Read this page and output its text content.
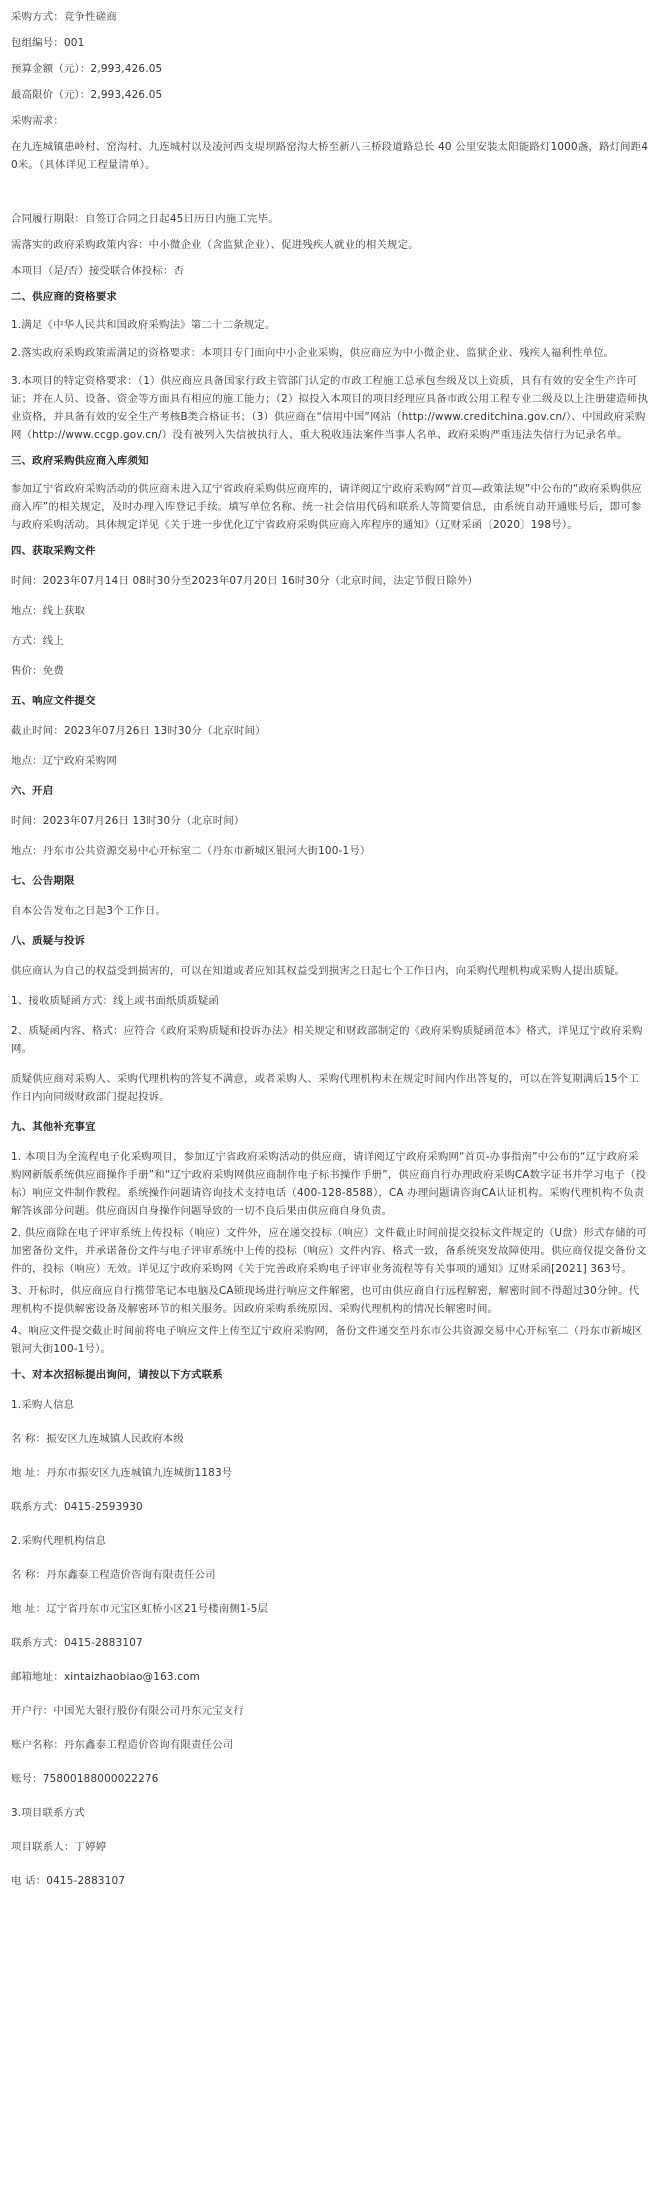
采购方式：竞争性磋商
包组编号：001
预算金额（元）：2,993,426.05
最高限价（元）：2,993,426.05
采购需求：
在九连城镇患岭村、窑沟村、九连城村以及凌河西支堤坝路窑沟大桥至新八三桥段道路总长 40 公里安装太阳能路灯1000盏，路灯间距40米。（具体详见工程量清单）。
合同履行期限：自签订合同之日起45日历日内施工完毕。
需落实的政府采购政策内容：中小微企业（含监狱企业）、促进残疾人就业的相关规定。
本项目（是/否）接受联合体投标：否
二、供应商的资格要求
1.满足《中华人民共和国政府采购法》第二十二条规定。
2.落实政府采购政策需满足的资格要求：本项目专门面向中小企业采购，供应商应为中小微企业、监狱企业、残疾人福利性单位。
3.本项目的特定资格要求：（1）供应商应具备国家行政主管部门认定的市政工程施工总承包叁级及以上资质，具有有效的安全生产许可证；并在人员、设备、资金等方面具有相应的施工能力；（2）拟投入本项目的项目经理应具备市政公用工程专业二级及以上注册建造师执业资格，并具备有效的安全生产考核B类合格证书；（3）供应商在“信用中国”网站（http://www.creditchina.gov.cn/）、中国政府采购网（http://www.ccgp.gov.cn/）没有被列入失信被执行人、重大税收违法案件当事人名单、政府采购严重违法失信行为记录名单。
三、政府采购供应商入库须知
参加辽宁省政府采购活动的供应商未进入辽宁省政府采购供应商库的，请详阅辽宁政府采购网“首页—政策法规”中公布的“政府采购供应商入库”的相关规定，及时办理入库登记手续。填写单位名称、统一社会信用代码和联系人等简要信息，由系统自动开通账号后，即可参与政府采购活动。具体规定详见《关于进一步优化辽宁省政府采购供应商入库程序的通知》（辽财采函〔2020〕198号）。
四、获取采购文件
时间：2023年07月14日 08时30分至2023年07月20日 16时30分（北京时间，法定节假日除外）
地点：线上获取
方式：线上
售价：免费
五、响应文件提交
截止时间：2023年07月26日 13时30分（北京时间）
地点：辽宁政府采购网
六、开启
时间：2023年07月26日 13时30分（北京时间）
地点：丹东市公共资源交易中心开标室二（丹东市新城区银河大街100-1号）
七、公告期限
自本公告发布之日起3个工作日。
八、质疑与投诉
供应商认为自己的权益受到损害的，可以在知道或者应知其权益受到损害之日起七个工作日内，向采购代理机构或采购人提出质疑。
1、接收质疑函方式：线上或书面纸质质疑函
2、质疑函内容、格式：应符合《政府采购质疑和投诉办法》相关规定和财政部制定的《政府采购质疑函范本》格式，详见辽宁政府采购网。
质疑供应商对采购人、采购代理机构的答复不满意，或者采购人、采购代理机构未在规定时间内作出答复的，可以在答复期满后15个工作日内向同级财政部门提起投诉。
九、其他补充事宜
1. 本项目为全流程电子化采购项目，参加辽宁省政府采购活动的供应商，请详阅辽宁政府采购网“首页-办事指南”中公布的“辽宁政府采购网新版系统供应商操作手册”和“辽宁政府采购网供应商制作电子标书操作手册”，供应商自行办理政府采购CA数字证书并学习电子（投标）响应文件制作教程。系统操作问题请咨询技术支持电话（400-128-8588），CA 办理问题请咨询CA认证机构。采购代理机构不负责解答该部分问题。供应商因自身操作问题导致的一切不良后果由供应商自身负责。
2. 供应商除在电子评审系统上传投标（响应）文件外，应在递交投标（响应）文件截止时间前提交投标文件规定的（U盘）形式存储的可加密备份文件，并承诺备份文件与电子评审系统中上传的投标（响应）文件内容、格式一致，备系统突发故障使用。供应商仅提交备份文件的，投标（响应）无效。详见辽宁政府采购网《关于完善政府采购电子评审业务流程等有关事项的通知》辽财采函[2021] 363号。
3、开标时，供应商应自行携带笔记本电脑及CA锁现场进行响应文件解密，也可由供应商自行远程解密，解密时间不得超过30分钟。代理机构不提供解密设备及解密环节的相关服务。因政府采购系统原因、采购代理机构的情况长解密时间。
4、响应文件提交截止时间前将电子响应文件上传至辽宁政府采购网，备份文件递交至丹东市公共资源交易中心开标室二（丹东市新城区银河大街100-1号）。
十、对本次招标提出询问，请按以下方式联系
1.采购人信息
名 称：振安区九连城镇人民政府本级
地 址：丹东市振安区九连城镇九连城街1183号
联系方式：0415-2593930
2.采购代理机构信息
名 称：丹东鑫泰工程造价咨询有限责任公司
地 址：辽宁省丹东市元宝区虹桥小区21号楼南侧1-5层
联系方式：0415-2883107
邮箱地址：xintaizhaobiao@163.com
开户行：中国光大银行股份有限公司丹东元宝支行
账户名称：丹东鑫泰工程造价咨询有限责任公司
账号：75800188000022276
3.项目联系方式
项目联系人：丁婷婷
电 话：0415-2883107
